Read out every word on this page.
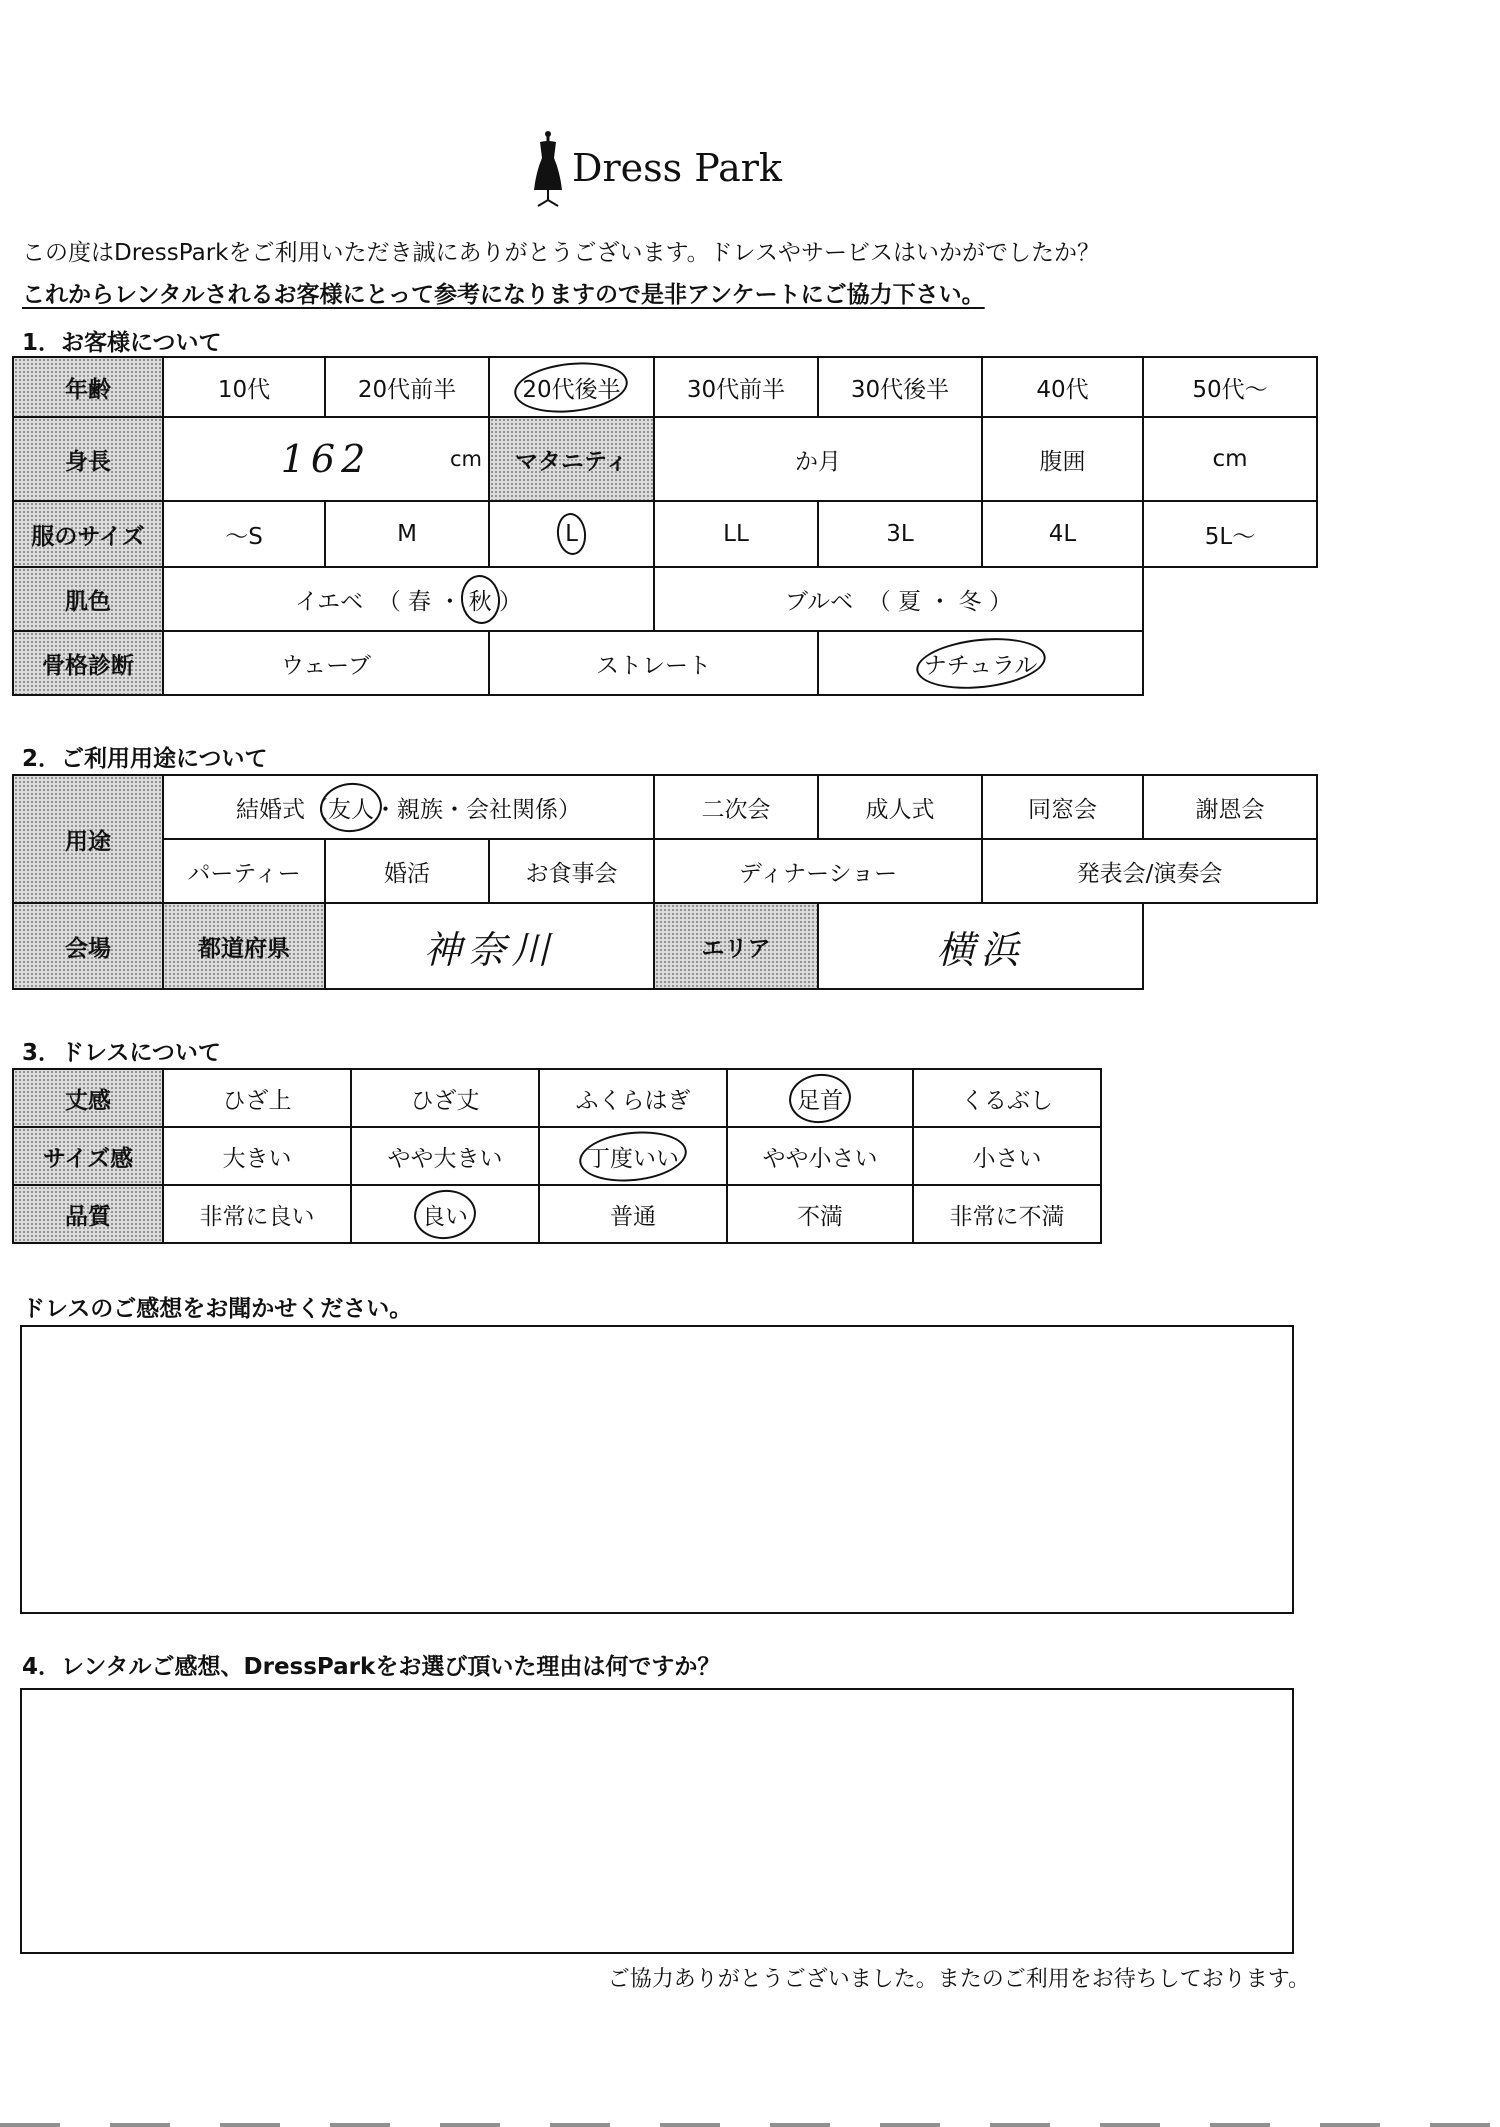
Dress Park
この度はDressParkをご利用いただき誠にありがとうございます。ドレスやサービスはいかがでしたか？
これからレンタルされるお客様にとって参考になりますので是非アンケートにご協力下さい。
1．お客様について
年齢	10代	20代前半	20代後半	30代前半	30代後半	40代	50代〜
身長	162 cm		マタニティ	か月		腹囲	cm
服のサイズ	〜S	M	L	LL	3L	4L	5L〜
肌色	イエベ  （ 春 ・ 秋 ）			ブルベ  （ 夏 ・ 冬 ）			
骨格診断	ウェーブ		ストレート		ナチュラル		
2．ご利用用途について
用途	結婚式（友人・親族・会社関係）			二次会	成人式	同窓会	謝恩会
	パーティー	婚活	お食事会	ディナーショー		発表会/演奏会	
会場	都道府県	神奈川		エリア	横浜		
3．ドレスについて
丈感	ひざ上	ひざ丈	ふくらはぎ	足首	くるぶし
サイズ感	大きい	やや大きい	丁度いい	やや小さい	小さい
品質	非常に良い	良い	普通	不満	非常に不満
ドレスのご感想をお聞かせください。
4．レンタルご感想、DressParkをお選び頂いた理由は何ですか？
ご協力ありがとうございました。またのご利用をお待ちしております。
